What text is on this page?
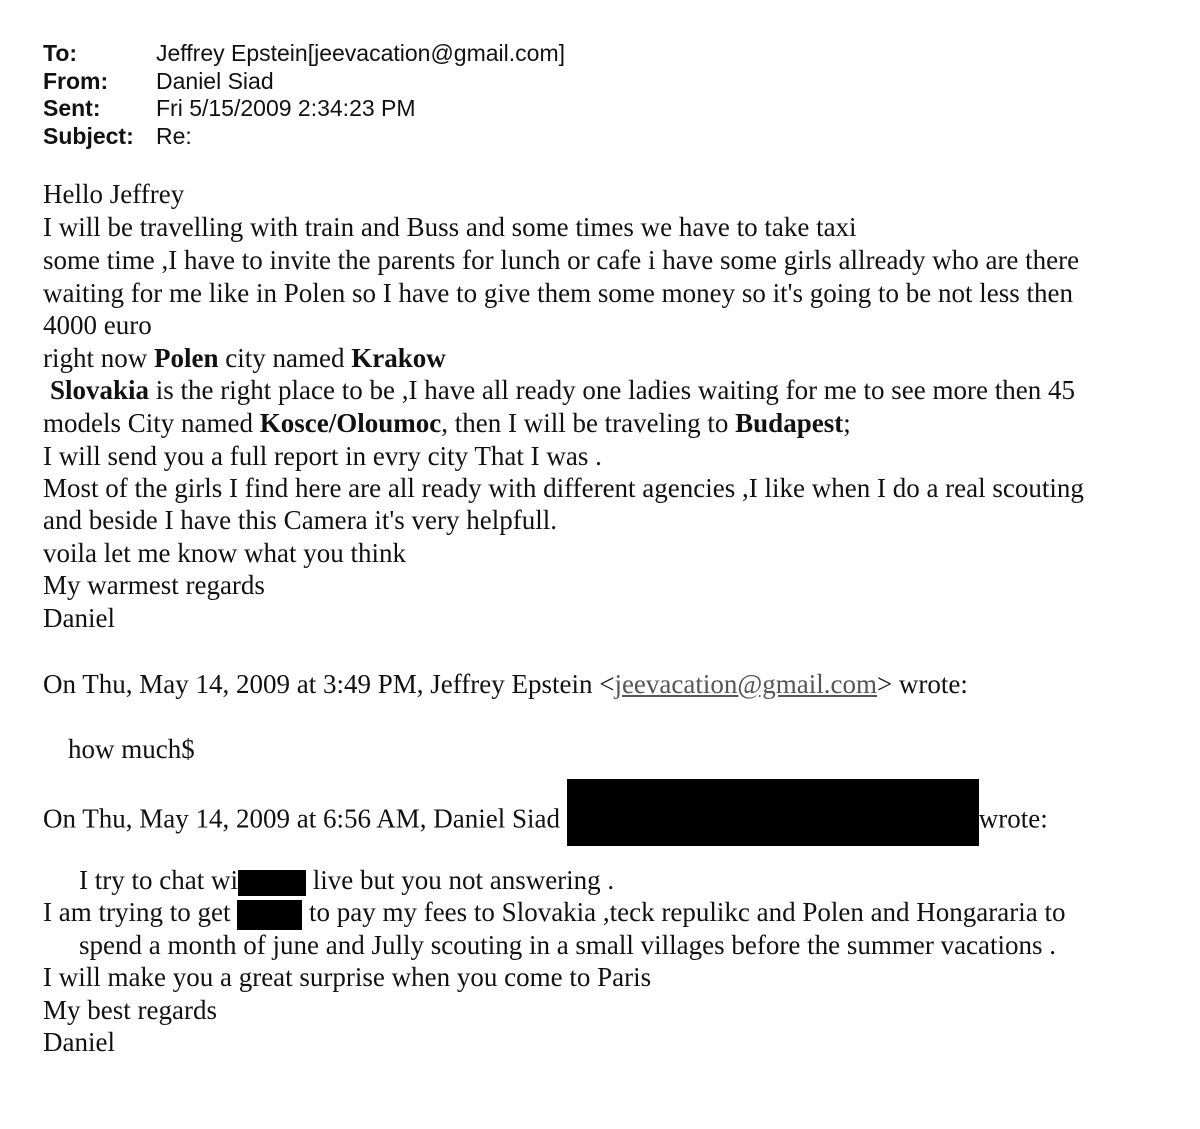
To:	Jeffrey Epstein[jeevacation@gmail.com]
From:	Daniel Siad
Sent:	Fri 5/15/2009 2:34:23 PM
Subject: Re:
Hello Jeffrey
I will be travelling with train and Buss and some times we have to take taxi
some time ,I have to invite the parents for lunch or cafe i have some girls allready who are there
waiting for me like in Polen so I have to give them some money so it's going to be not less then
4000 euro
right now Polen city named Krakow
Slovakia is the right place to be ,I have all ready one ladies waiting for me to see more then 45
models City named Kosce/Oloumoc, then I will be traveling to Budapest;
I will send you a full report in evry city That I was .
Most of the girls I find here are all ready with different agencies ,I like when I do a real scouting
and beside I have this Camera it's very helpfull.
voila let me know what you think
My warmest regards
Daniel
On Thu, May 14, 2009 at 3:49 PM, Jeffrey Epstein <jeevacation@gmail.com> wrote:
how much$
On Thu, May 14, 2009 at 6:56 AM, Daniel Siad	wrote:
I try to chat wi	live but you not answering .
I am trying to get  to pay my fees to Slovakia ,teck repulikc and Polen and Hongararia to
spend a month of june and Jully scouting in a small villages before the summer vacations .
I will make you a great surprise when you come to Paris
My best regards
Daniel
